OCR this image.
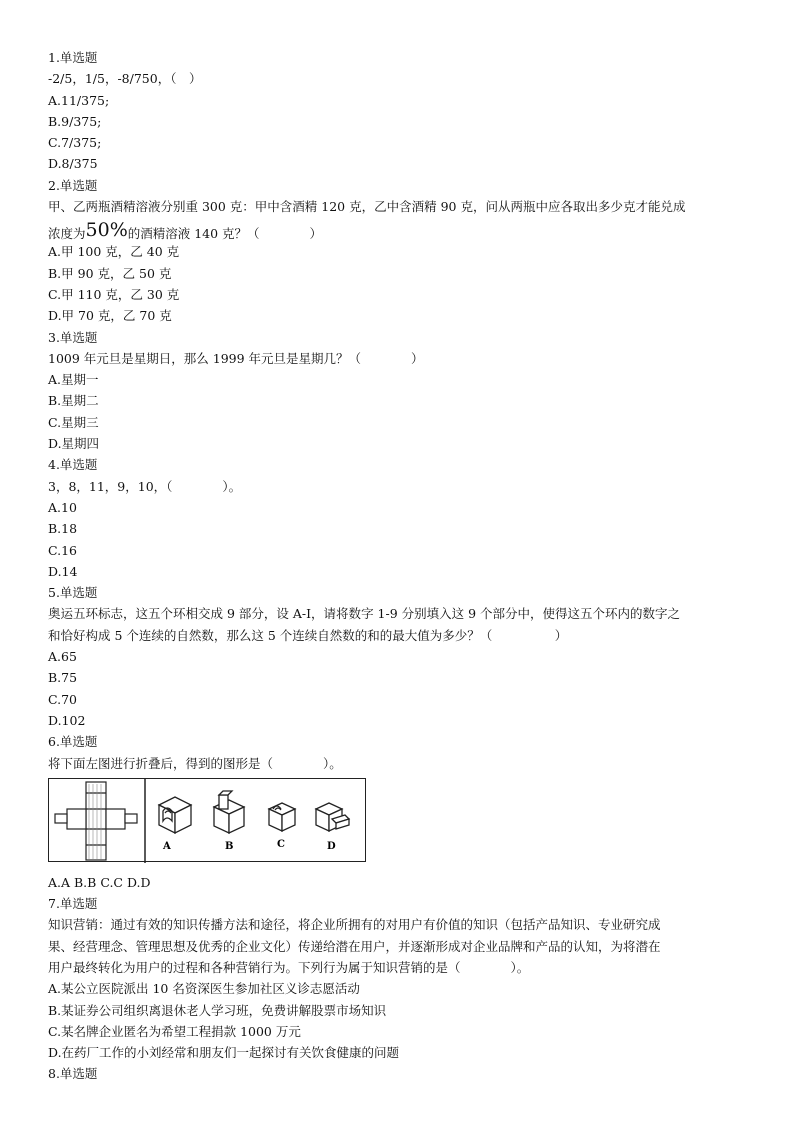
1.单选题
-2/5，1/5，-8/750，（　）
A.11/375;
B.9/375;
C.7/375;
D.8/375
2.单选题
甲、乙两瓶酒精溶液分别重 300 克：甲中含酒精 120 克，乙中含酒精 90 克，问从两瓶中应各取出多少克才能兑成
浓度为50%的酒精溶液 140 克？（　　　　）
A.甲 100 克，乙 40 克
B.甲 90 克，乙 50 克
C.甲 110 克，乙 30 克
D.甲 70 克，乙 70 克
3.单选题
1009 年元旦是星期日，那么 1999 年元旦是星期几？（　　　　）
A.星期一
B.星期二
C.星期三
D.星期四
4.单选题
3，8，11，9，10，（　　　　）。
A.10
B.18
C.16
D.14
5.单选题
奥运五环标志，这五个环相交成 9 部分，设 A-I，请将数字 1-9 分别填入这 9 个部分中，使得这五个环内的数字之
和恰好构成 5 个连续的自然数，那么这 5 个连续自然数的和的最大值为多少？（　　　　　）
A.65
B.75
C.70
D.102
6.单选题
将下面左图进行折叠后，得到的图形是（　　　　）。
A	B	C	D
A.A B.B C.C D.D
7.单选题
知识营销：通过有效的知识传播方法和途径，将企业所拥有的对用户有价值的知识（包括产品知识、专业研究成
果、经营理念、管理思想及优秀的企业文化）传递给潜在用户，并逐渐形成对企业品牌和产品的认知，为将潜在
用户最终转化为用户的过程和各种营销行为。下列行为属于知识营销的是（　　　　）。
A.某公立医院派出 10 名资深医生参加社区义诊志愿活动
B.某证券公司组织离退休老人学习班，免费讲解股票市场知识
C.某名牌企业匿名为希望工程捐款 1000 万元
D.在药厂工作的小刘经常和朋友们一起探讨有关饮食健康的问题
8.单选题
